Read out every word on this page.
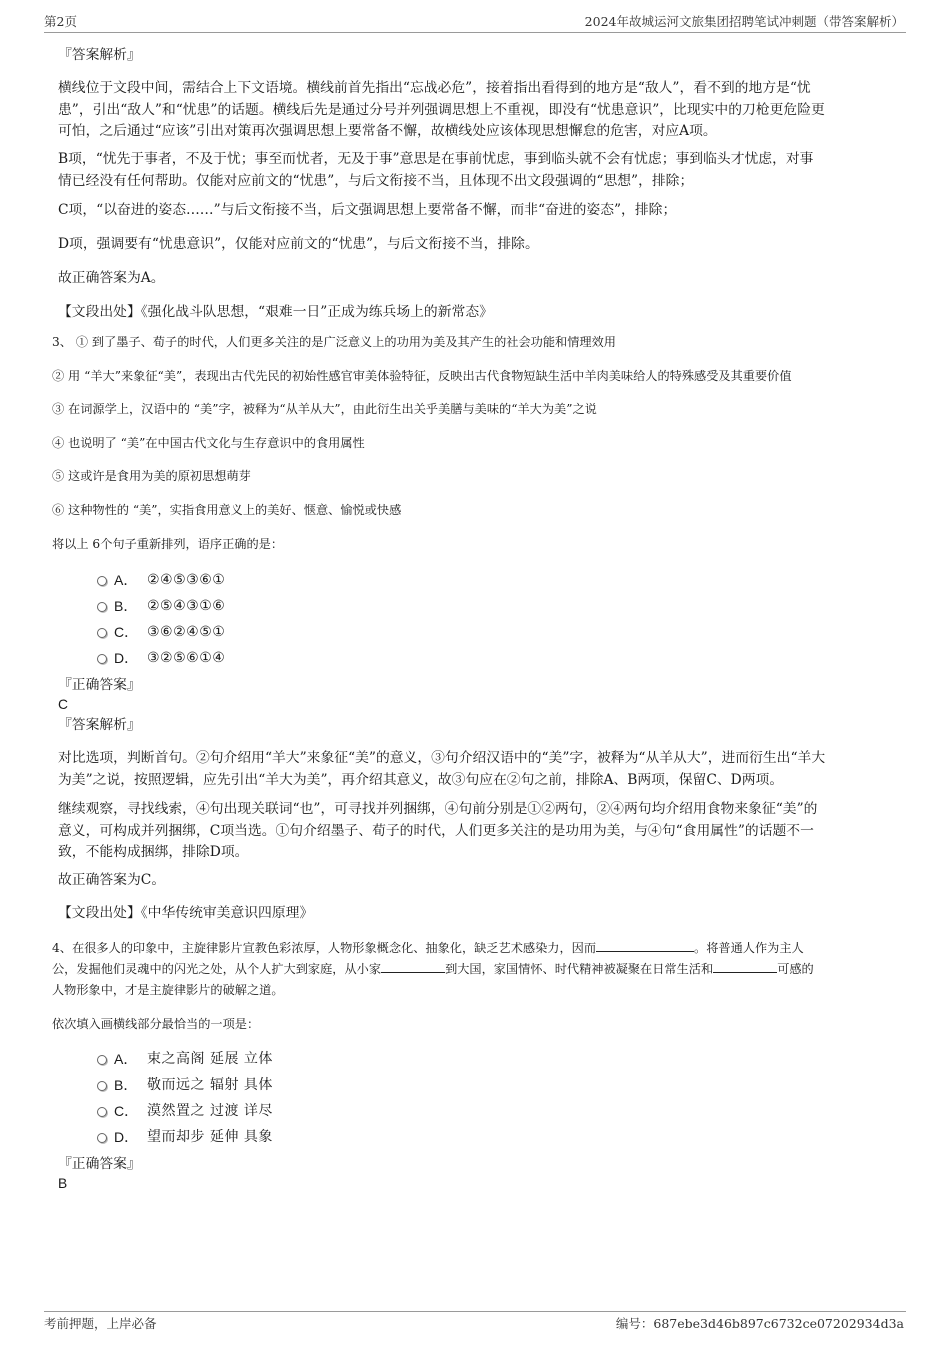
第2页	2024年故城运河文旅集团招聘笔试冲刺题（带答案解析）
『答案解析』
横线位于文段中间，需结合上下文语境。横线前首先指出“忘战必危”，接着指出看得到的地方是“敌人”，看不到的地方是“忧
患”，引出“敌人”和“忧患”的话题。横线后先是通过分号并列强调思想上不重视，即没有“忧患意识”，比现实中的刀枪更危险更
可怕，之后通过“应该”引出对策再次强调思想上要常备不懈，故横线处应该体现思想懈怠的危害，对应A项。
B项，“忧先于事者，不及于忧；事至而忧者，无及于事”意思是在事前忧虑，事到临头就不会有忧虑；事到临头才忧虑，对事
情已经没有任何帮助。仅能对应前文的“忧患”，与后文衔接不当，且体现不出文段强调的“思想”，排除；
C项，“以奋进的姿态……”与后文衔接不当，后文强调思想上要常备不懈，而非“奋进的姿态”，排除；
D项，强调要有“忧患意识”，仅能对应前文的“忧患”，与后文衔接不当，排除。
故正确答案为A。
【文段出处】《强化战斗队思想，“艰难一日”正成为练兵场上的新常态》
3、 ① 到了墨子、荀子的时代，人们更多关注的是广泛意义上的功用为美及其产生的社会功能和情理效用
② 用 “羊大”来象征“美”，表现出古代先民的初始性感官审美体验特征，反映出古代食物短缺生活中羊肉美味给人的特殊感受及其重要价值
③ 在词源学上，汉语中的 “美”字，被释为“从羊从大”，由此衍生出关乎美膳与美味的“羊大为美”之说
④ 也说明了 “美”在中国古代文化与生存意识中的食用属性
⑤ 这或许是食用为美的原初思想萌芽
⑥ 这种物性的 “美”，实指食用意义上的美好、惬意、愉悦或快感
将以上 6个句子重新排列，语序正确的是：
A． ②④⑤③⑥①
B． ②⑤④③①⑥
C． ③⑥②④⑤①
D． ③②⑤⑥①④
『正确答案』
C
『答案解析』
对比选项，判断首句。②句介绍用“羊大”来象征“美”的意义，③句介绍汉语中的“美”字，被释为“从羊从大”，进而衍生出“羊大
为美”之说，按照逻辑，应先引出“羊大为美”，再介绍其意义，故③句应在②句之前，排除A、B两项，保留C、D两项。
继续观察，寻找线索，④句出现关联词“也”，可寻找并列捆绑，④句前分别是①②两句，②④两句均介绍用食物来象征“美”的
意义，可构成并列捆绑，C项当选。①句介绍墨子、荀子的时代，人们更多关注的是功用为美，与④句“食用属性”的话题不一
致，不能构成捆绑，排除D项。
故正确答案为C。
【文段出处】《中华传统审美意识四原理》
4、在很多人的印象中，主旋律影片宣教色彩浓厚，人物形象概念化、抽象化，缺乏艺术感染力，因而	。将普通人作为主人
公，发掘他们灵魂中的闪光之处，从个人扩大到家庭，从小家	到大国，家国情怀、时代精神被凝聚在日常生活和	可感的
人物形象中，才是主旋律影片的破解之道。
依次填入画横线部分最恰当的一项是：
A． 束之高阁 延展 立体
B． 敬而远之 辐射 具体
C． 漠然置之 过渡 详尽
D． 望而却步 延伸 具象
『正确答案』
B
考前押题，上岸必备	编号：687ebe3d46b897c6732ce07202934d3a
